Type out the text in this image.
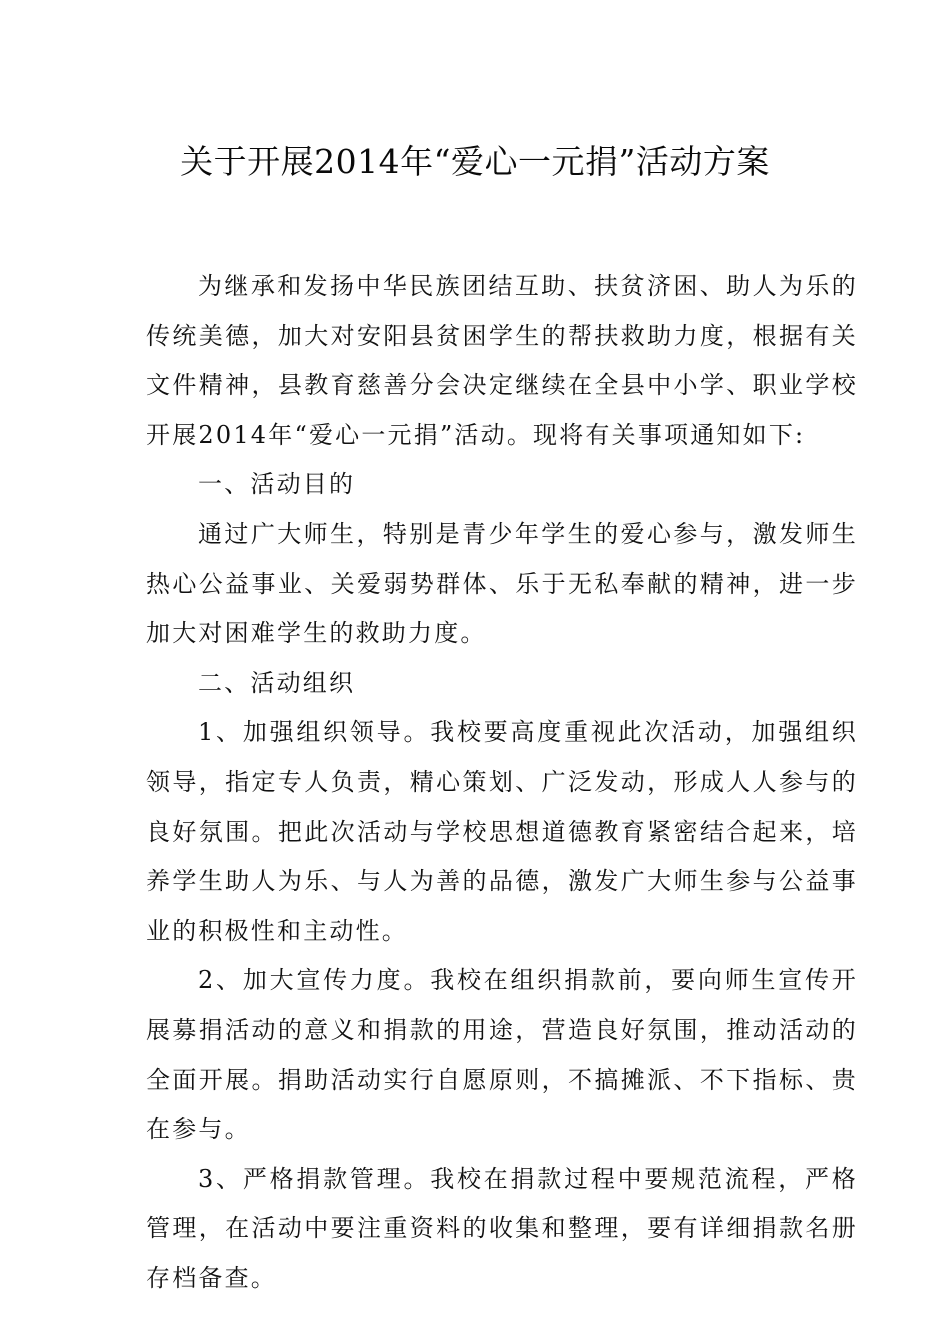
关于开展2014年“爱心一元捐”活动方案

为继承和发扬中华民族团结互助、扶贫济困、助人为乐的传统美德，加大对安阳县贫困学生的帮扶救助力度，根据有关文件精神，县教育慈善分会决定继续在全县中小学、职业学校开展2014年“爱心一元捐”活动。现将有关事项通知如下:

一、活动目的

通过广大师生，特别是青少年学生的爱心参与，激发师生热心公益事业、关爱弱势群体、乐于无私奉献的精神，进一步加大对困难学生的救助力度。

二、活动组织

1、加强组织领导。我校要高度重视此次活动，加强组织领导，指定专人负责，精心策划、广泛发动，形成人人参与的良好氛围。把此次活动与学校思想道德教育紧密结合起来，培养学生助人为乐、与人为善的品德，激发广大师生参与公益事业的积极性和主动性。

2、加大宣传力度。我校在组织捐款前，要向师生宣传开展募捐活动的意义和捐款的用途，营造良好氛围，推动活动的全面开展。捐助活动实行自愿原则，不搞摊派、不下指标、贵在参与。

3、严格捐款管理。我校在捐款过程中要规范流程，严格管理，在活动中要注重资料的收集和整理，要有详细捐款名册存档备查。
